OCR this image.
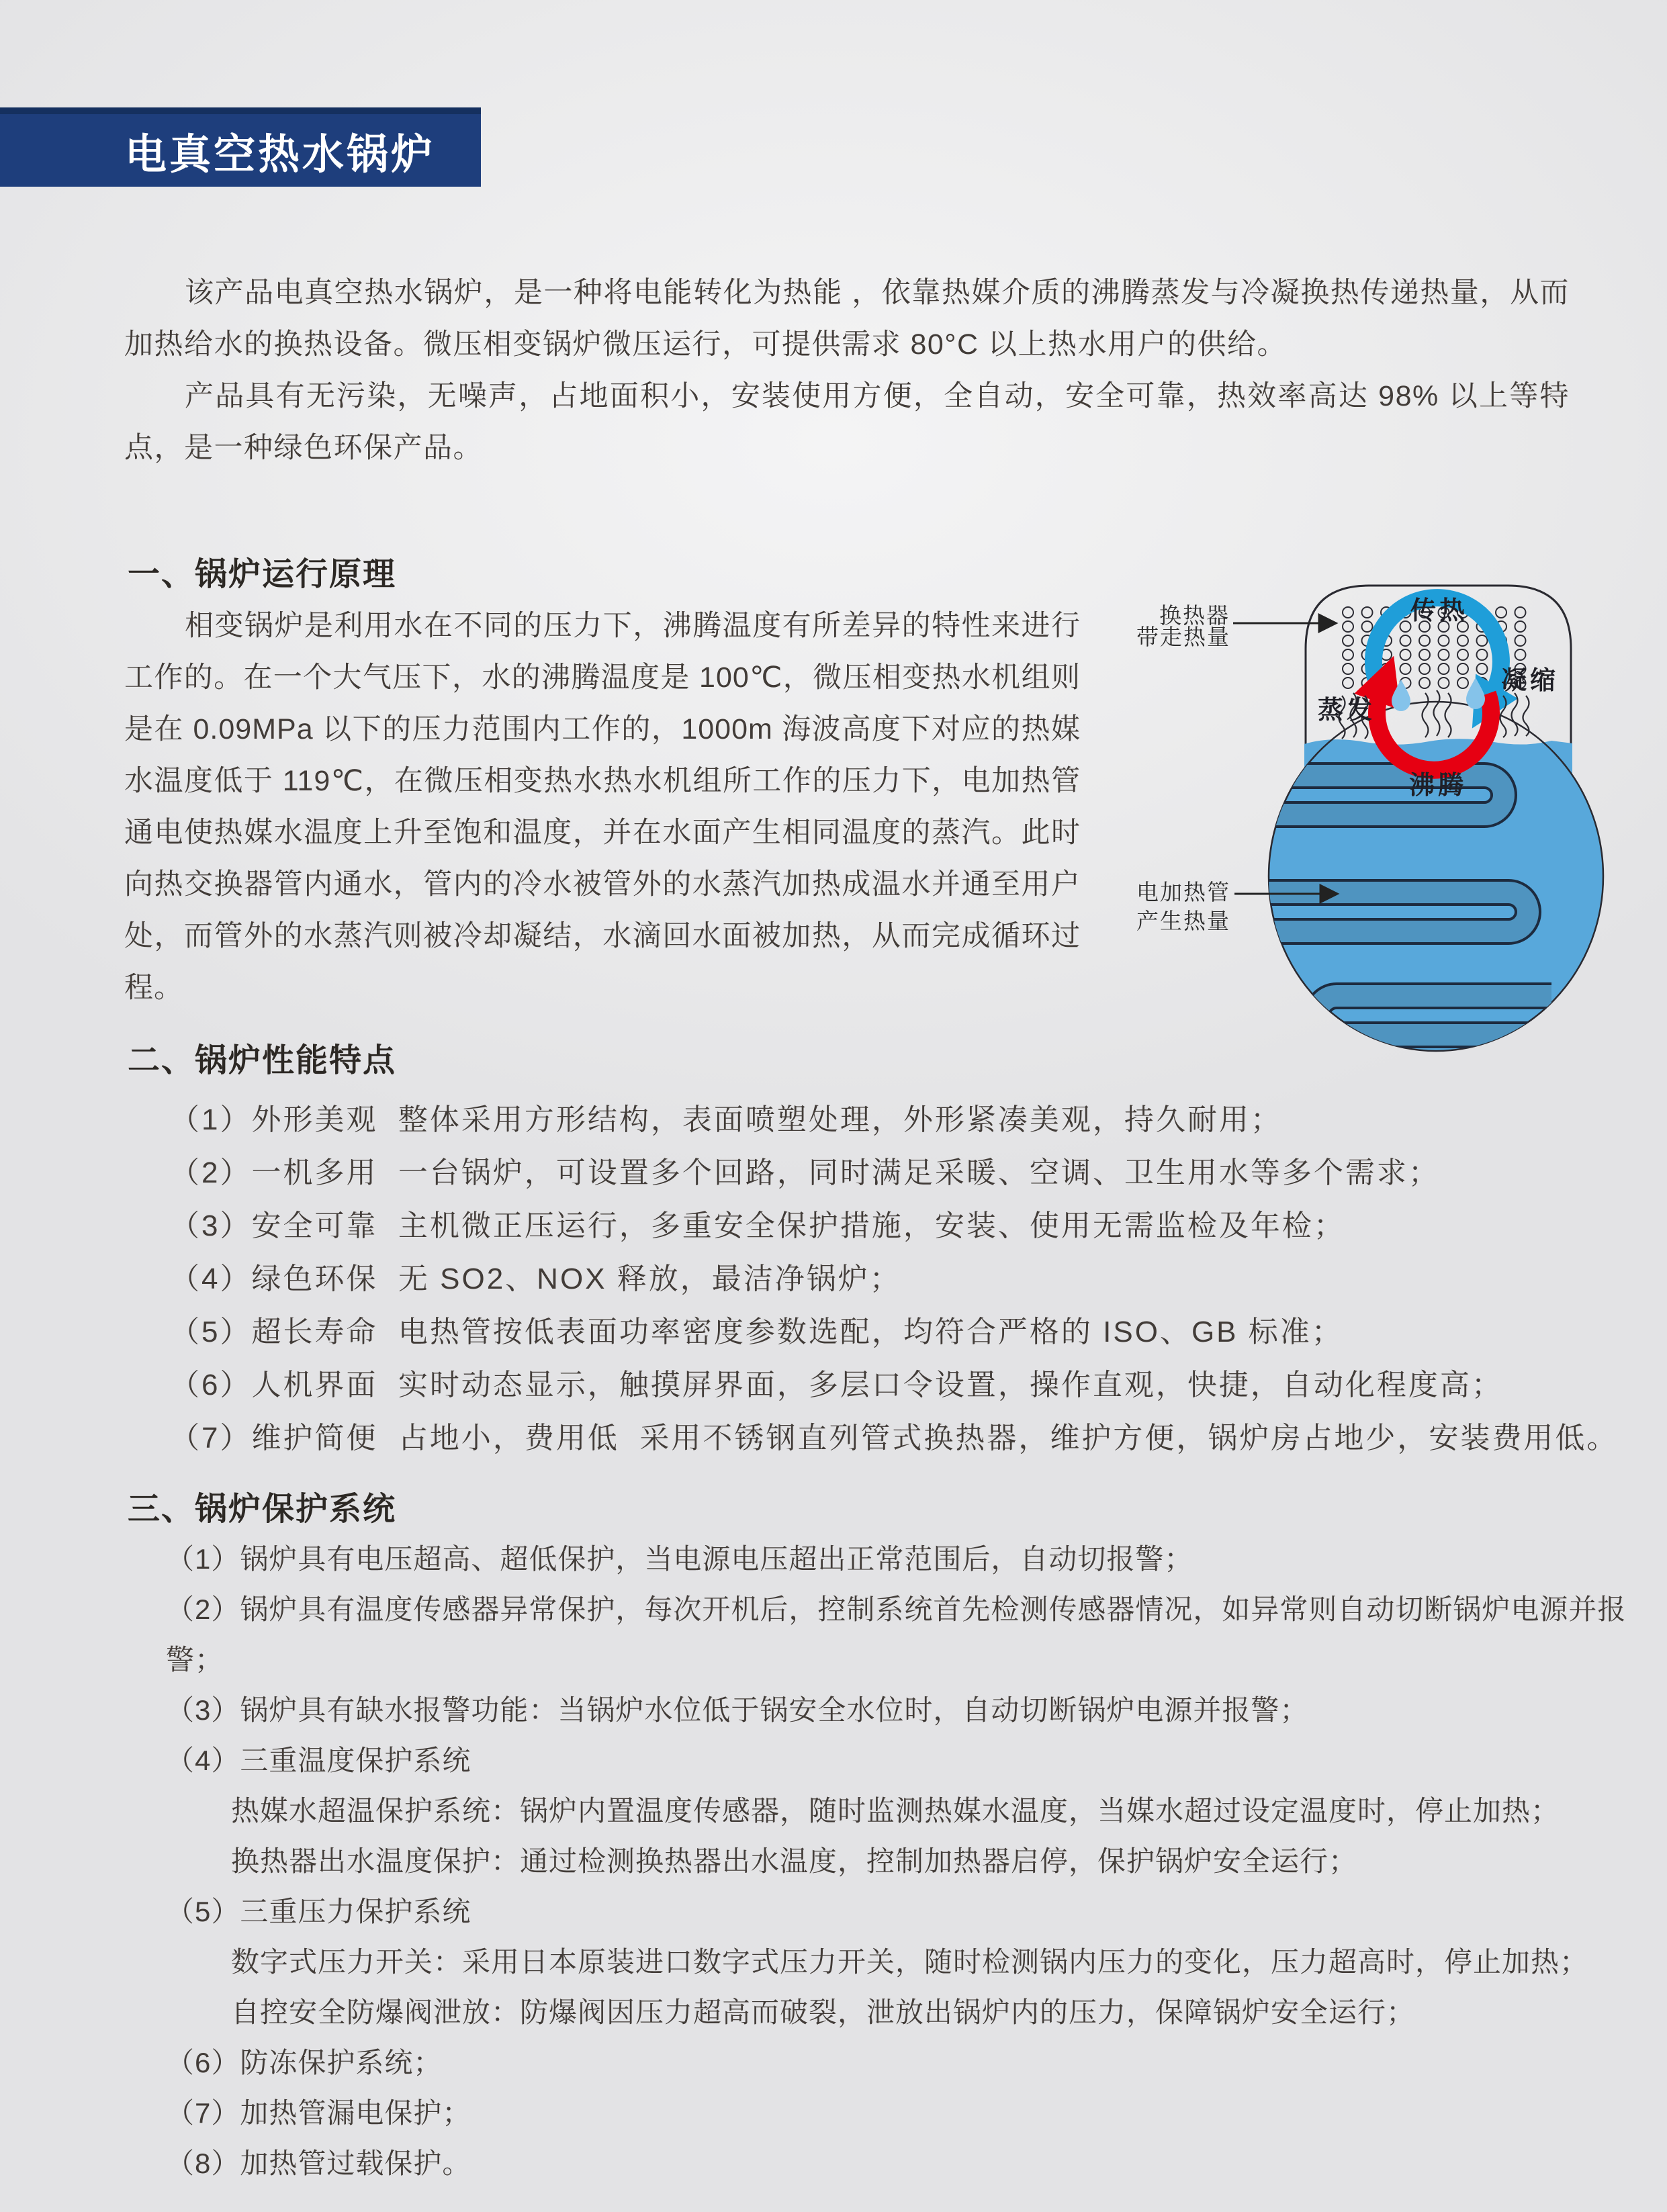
电真空热水锅炉

该产品电真空热水锅炉，是一种将电能转化为热能 ，依靠热媒介质的沸腾蒸发与冷凝换热传递热量，从而加热给水的换热设备。微压相变锅炉微压运行，可提供需求 80°C 以上热水用户的供给。

产品具有无污染，无噪声，占地面积小，安装使用方便，全自动，安全可靠，热效率高达 98% 以上等特点，是一种绿色环保产品。

一、锅炉运行原理

相变锅炉是利用水在不同的压力下，沸腾温度有所差异的特性来进行工作的。在一个大气压下，水的沸腾温度是 100℃，微压相变热水机组则是在 0.09MPa 以下的压力范围内工作的，1000m 海波高度下对应的热媒水温度低于 119℃，在微压相变热水热水机组所工作的压力下，电加热管通电使热媒水温度上升至饱和温度，并在水面产生相同温度的蒸汽。此时向热交换器管内通水，管内的冷水被管外的水蒸汽加热成温水并通至用户处，而管外的水蒸汽则被冷却凝结，水滴回水面被加热，从而完成循环过程。

传热
凝缩
蒸发
沸腾
换热器
带走热量
电加热管
产生热量
二、锅炉性能特点
（1）外形美观  整体采用方形结构，表面喷塑处理，外形紧凑美观，持久耐用；
（2）一机多用  一台锅炉，可设置多个回路，同时满足采暖、空调、卫生用水等多个需求；
（3）安全可靠  主机微正压运行，多重安全保护措施，安装、使用无需监检及年检；
（4）绿色环保  无 SO2、NOX 释放，最洁净锅炉；
（5）超长寿命  电热管按低表面功率密度参数选配，均符合严格的 ISO、GB 标准；
（6）人机界面  实时动态显示，触摸屏界面，多层口令设置，操作直观，快捷，自动化程度高；
（7）维护简便  占地小，费用低  采用不锈钢直列管式换热器，维护方便，锅炉房占地少，安装费用低。
三、锅炉保护系统
（1）锅炉具有电压超高、超低保护，当电源电压超出正常范围后，自动切报警；
（2）锅炉具有温度传感器异常保护，每次开机后，控制系统首先检测传感器情况，如异常则自动切断锅炉电源并报警；
（3）锅炉具有缺水报警功能：当锅炉水位低于锅安全水位时，自动切断锅炉电源并报警；
（4）三重温度保护系统
热媒水超温保护系统：锅炉内置温度传感器，随时监测热媒水温度，当媒水超过设定温度时，停止加热；
换热器出水温度保护：通过检测换热器出水温度，控制加热器启停，保护锅炉安全运行；
（5）三重压力保护系统
数字式压力开关：采用日本原装进口数字式压力开关，随时检测锅内压力的变化，压力超高时，停止加热；
自控安全防爆阀泄放：防爆阀因压力超高而破裂，泄放出锅炉内的压力，保障锅炉安全运行；
（6）防冻保护系统；
（7）加热管漏电保护；
（8）加热管过载保护。
